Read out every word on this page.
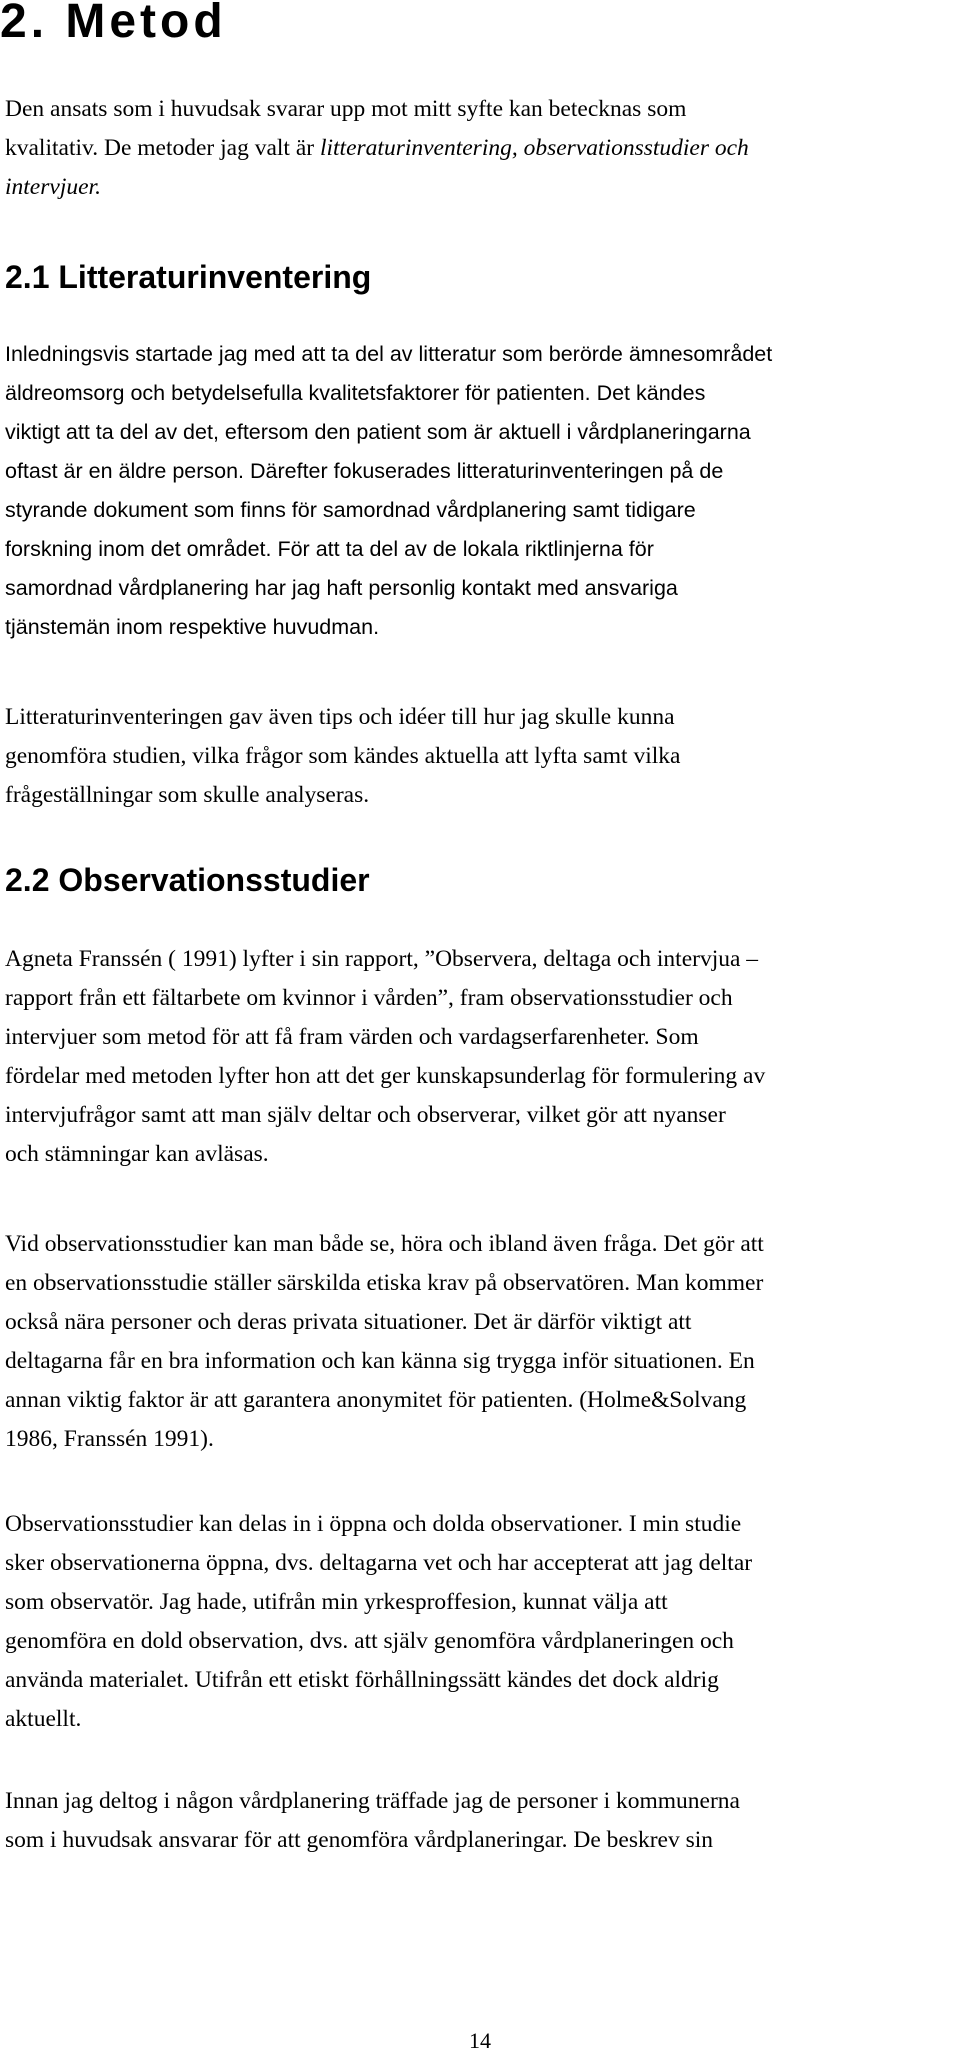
2. Metod
Den ansats som i huvudsak svarar upp mot mitt syfte kan betecknas som
kvalitativ. De metoder jag valt är litteraturinventering, observationsstudier och
intervjuer.
2.1 Litteraturinventering
Inledningsvis startade jag med att ta del av litteratur som berörde ämnesområdet
äldreomsorg och betydelsefulla kvalitetsfaktorer för patienten. Det kändes
viktigt att ta del av det, eftersom den patient som är aktuell i vårdplaneringarna
oftast är en äldre person. Därefter fokuserades litteraturinventeringen på de
styrande dokument som finns för samordnad vårdplanering samt tidigare
forskning inom det området. För att ta del av de lokala riktlinjerna för
samordnad vårdplanering har jag haft personlig kontakt med ansvariga
tjänstemän inom respektive huvudman.
Litteraturinventeringen gav även tips och idéer till hur jag skulle kunna
genomföra studien, vilka frågor som kändes aktuella att lyfta samt vilka
frågeställningar som skulle analyseras.
2.2 Observationsstudier
Agneta Franssén ( 1991) lyfter i sin rapport, ”Observera, deltaga och intervjua –
rapport från ett fältarbete om kvinnor i vården”, fram observationsstudier och
intervjuer som metod för att få fram värden och vardagserfarenheter. Som
fördelar med metoden lyfter hon att det ger kunskapsunderlag för formulering av
intervjufrågor samt att man själv deltar och observerar, vilket gör att nyanser
och stämningar kan avläsas.
Vid observationsstudier kan man både se, höra och ibland även fråga. Det gör att
en observationsstudie ställer särskilda etiska krav på observatören. Man kommer
också nära personer och deras privata situationer. Det är därför viktigt att
deltagarna får en bra information och kan känna sig trygga inför situationen. En
annan viktig faktor är att garantera anonymitet för patienten. (Holme&Solvang
1986, Franssén 1991).
Observationsstudier kan delas in i öppna och dolda observationer. I min studie
sker observationerna öppna, dvs. deltagarna vet och har accepterat att jag deltar
som observatör. Jag hade, utifrån min yrkesproffesion, kunnat välja att
genomföra en dold observation, dvs. att själv genomföra vårdplaneringen och
använda materialet. Utifrån ett etiskt förhållningssätt kändes det dock aldrig
aktuellt.
Innan jag deltog i någon vårdplanering träffade jag de personer i kommunerna
som i huvudsak ansvarar för att genomföra vårdplaneringar. De beskrev sin
14
